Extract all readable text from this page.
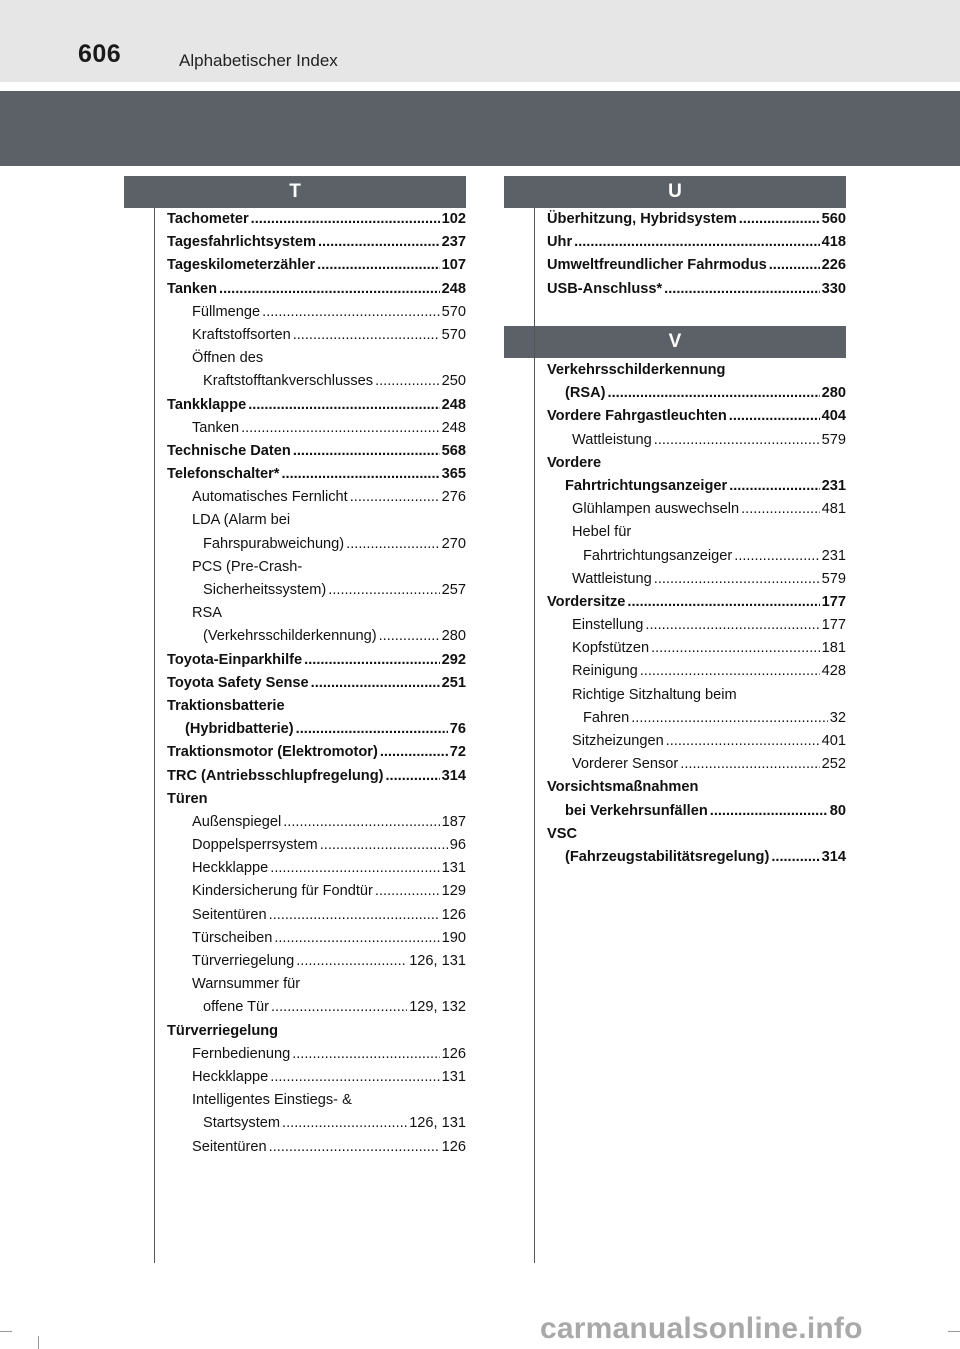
606	Alphabetischer Index
T	U
V
Tachometer .....	102
Tagesfahrlichtsystem .....	237
Tageskilometerzähler .....	107
Tanken .....	248
Füllmenge .....	570
Kraftstoffsorten .....	570
Öffnen des
Kraftstofftankverschlusses .....	250
Tankklappe .....	248
Tanken .....	248
Technische Daten .....	568
Telefonschalter* .....	365
Automatisches Fernlicht .....	276
LDA (Alarm bei
Fahrspurabweichung) .....	270
PCS (Pre-Crash-
Sicherheitssystem) .....	257
RSA
(Verkehrsschilderkennung) .....	280
Toyota-Einparkhilfe .....	292
Toyota Safety Sense .....	251
Traktionsbatterie
(Hybridbatterie) .....	76
Traktionsmotor (Elektromotor) .....	72
TRC (Antriebsschlupfregelung) .....	314
Türen
Außenspiegel .....	187
Doppelsperrsystem .....	96
Heckklappe .....	131
Kindersicherung für Fondtür .....	129
Seitentüren .....	126
Türscheiben .....	190
Türverriegelung .....	126, 131
Warnsummer für
offene Tür .....	129, 132
Türverriegelung
Fernbedienung .....	126
Heckklappe .....	131
Intelligentes Einstiegs- &
Startsystem .....	126, 131
Seitentüren .....	126
Überhitzung, Hybridsystem .....	560
Uhr .....	418
Umweltfreundlicher Fahrmodus .....	226
USB-Anschluss* .....	330
Verkehrsschilderkennung
(RSA) .....	280
Vordere Fahrgastleuchten .....	404
Wattleistung .....	579
Vordere
Fahrtrichtungsanzeiger .....	231
Glühlampen auswechseln .....	481
Hebel für
Fahrtrichtungsanzeiger .....	231
Wattleistung .....	579
Vordersitze .....	177
Einstellung .....	177
Kopfstützen .....	181
Reinigung .....	428
Richtige Sitzhaltung beim
Fahren .....	32
Sitzheizungen .....	401
Vorderer Sensor .....	252
Vorsichtsmaßnahmen
bei Verkehrsunfällen .....	80
VSC
(Fahrzeugstabilitätsregelung) .....	314
carmanualsonline.info
